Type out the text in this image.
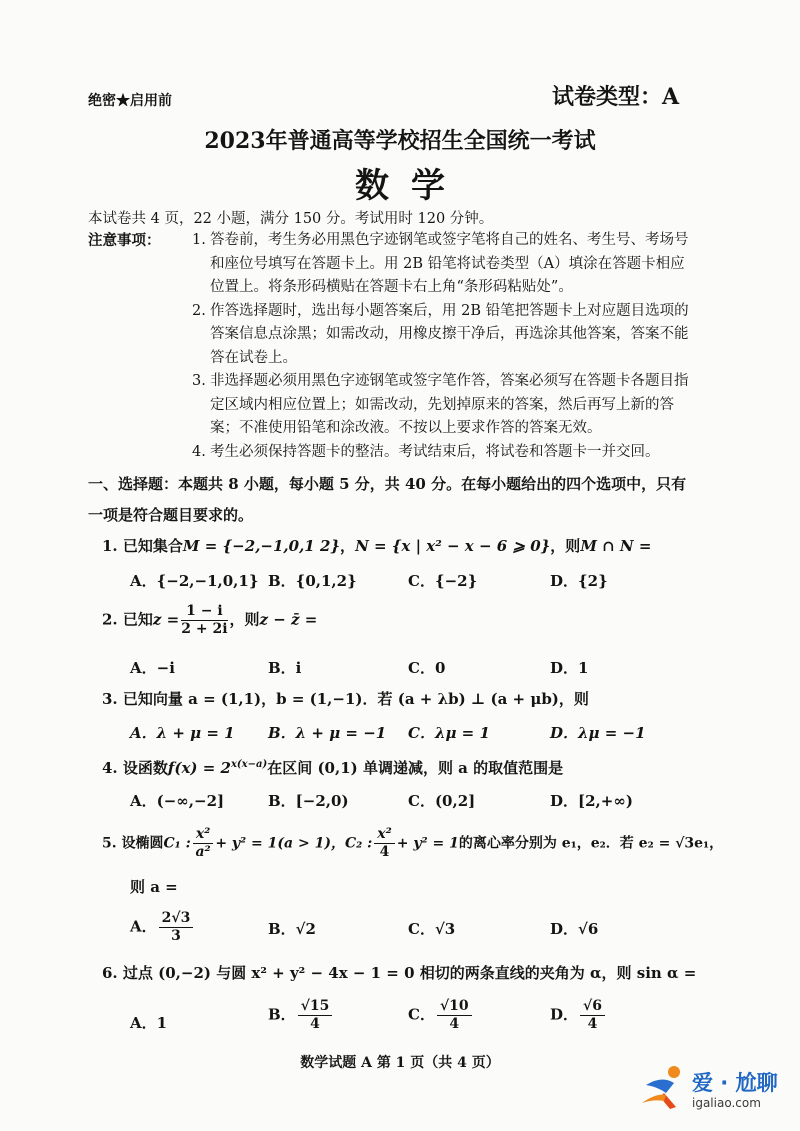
绝密★启用前	试卷类型：A
2023年普通高等学校招生全国统一考试
数学
本试卷共 4 页，22 小题，满分 150 分。考试用时 120 分钟。
注意事项：	1. 答卷前，考生务必用黑色字迹钢笔或签字笔将自己的姓名、考生号、考场号和座位号填写在答题卡上。用 2B 铅笔将试卷类型（A）填涂在答题卡相应位置上。将条形码横贴在答题卡右上角“条形码粘贴处”。
2. 作答选择题时，选出每小题答案后，用 2B 铅笔把答题卡上对应题目选项的答案信息点涂黑；如需改动，用橡皮擦干净后，再选涂其他答案，答案不能答在试卷上。
3. 非选择题必须用黑色字迹钢笔或签字笔作答，答案必须写在答题卡各题目指定区域内相应位置上；如需改动，先划掉原来的答案，然后再写上新的答案；不准使用铅笔和涂改液。不按以上要求作答的答案无效。
4. 考生必须保持答题卡的整洁。考试结束后，将试卷和答题卡一并交回。
一、选择题：本题共 8 小题，每小题 5 分，共 40 分。在每小题给出的四个选项中，只有一项是符合题目要求的。
1. 已知集合M = {−2,−1,0,1 2}，N = {x | x² − x − 6 ⩾ 0}，则M ∩ N =
A．{−2,−1,0,1} B．{0,1,2}	C．{−2}	D．{2}
2. 已知$z = \frac{1 - i}{2 + 2i}$ ，则z − z̄ =
A．−i	B．i	C．0	D．1
3. 已知向量 a = (1,1)，b = (1,−1)．若 (a + λb) ⊥ (a + μb)，则
A．λ + μ = 1 B．λ + μ = −1 C．λμ = 1	D．λμ = −1
4. 设函数$f(x) = 2^{x(x-a)}$在区间 (0,1) 单调递减，则 a 的取值范围是
A．(−∞,−2]	B．[−2,0)	C．(0,2]	D．[2,+∞)
5. 设椭圆C₁ : $\frac{\text{x²}}{\text{a²}} + y^2 = 1(a > 1)$，C₂ : $\frac{\text{x²}}{4} + y^2 = 1$的离心率分别为 e₁，e₂．若 e₂ = √3e₁，
则 a =
A． $\frac{2√3}{3}$	B．√2	C．√3	D．√6
6. 过点 (0,−2) 与圆 x² + y² − 4x − 1 = 0 相切的两条直线的夹角为 α，则 sin α =
A．1	B． $\frac{√15}{4}$	C． $\frac{√10}{4}$	D． $\frac{√6}{4}$
数学试题 A 第 1 页（共 4 页）
爱 · 尬聊
igaliao.com
